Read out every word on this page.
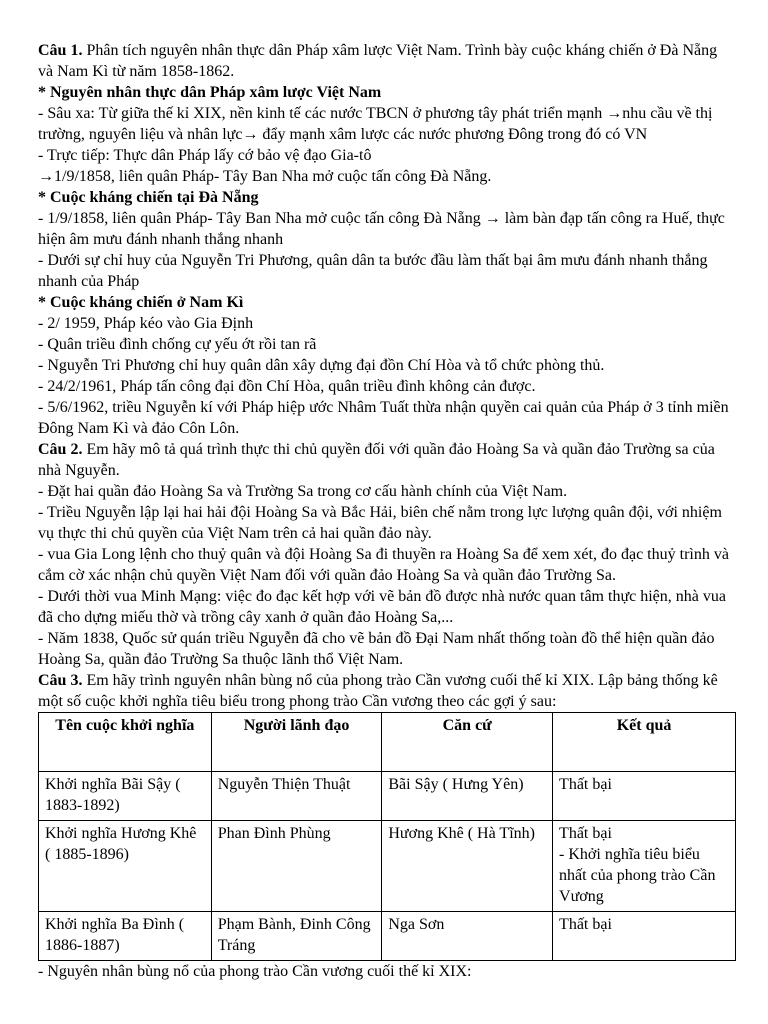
Câu 1. Phân tích nguyên nhân thực dân Pháp xâm lược Việt Nam. Trình bày cuộc kháng chiến ở Đà Nẵng và Nam Kì từ năm 1858-1862.

* Nguyên nhân thực dân Pháp xâm lược Việt Nam

- Sâu xa: Từ giữa thế kỉ XIX, nền kinh tế các nước TBCN ở phương tây phát triển mạnh →nhu cầu về thị trường, nguyên liệu và nhân lực→ đẩy mạnh xâm lược các nước phương Đông trong đó có VN

- Trực tiếp: Thực dân Pháp lấy cớ bảo vệ đạo Gia-tô

→1/9/1858, liên quân Pháp- Tây Ban Nha mở cuộc tấn công Đà Nẵng.

* Cuộc kháng chiến tại Đà Nẵng

- 1/9/1858, liên quân Pháp- Tây Ban Nha mở cuộc tấn công Đà Nẵng → làm bàn đạp tấn công ra Huế, thực hiện âm mưu đánh nhanh thắng nhanh

- Dưới sự chỉ huy của Nguyễn Tri Phương, quân dân ta bước đầu làm thất bại âm mưu đánh nhanh thắng nhanh của Pháp

* Cuộc kháng chiến ở Nam Kì

- 2/ 1959, Pháp kéo vào Gia Định

- Quân triều đình chống cự yếu ớt rồi tan rã

- Nguyễn Tri Phương chỉ huy quân dân xây dựng đại đồn Chí Hòa và tổ chức phòng thủ.

- 24/2/1961, Pháp tấn công đại đồn Chí Hòa, quân triều đình không cản được.

- 5/6/1962, triều Nguyễn kí với Pháp hiệp ước Nhâm Tuất thừa nhận quyền cai quản của Pháp ở 3 tỉnh miền Đông Nam Kì và đảo Côn Lôn.

Câu 2. Em hãy mô tả quá trình thực thi chủ quyền đối với quần đảo Hoàng Sa và quần đảo Trường sa của nhà Nguyễn.

- Đặt hai quần đảo Hoàng Sa và Trường Sa trong cơ cấu hành chính của Việt Nam.

- Triều Nguyễn lập lại hai hải đội Hoàng Sa và Bắc Hải, biên chế nằm trong lực lượng quân đội, với nhiệm vụ thực thi chủ quyền của Việt Nam trên cả hai quần đảo này.

- vua Gia Long lệnh cho thuỷ quân và đội Hoàng Sa đi thuyền ra Hoàng Sa để xem xét, đo đạc thuỷ trình và cắm cờ xác nhận chủ quyền Việt Nam đối với quần đảo Hoàng Sa và quần đảo Trường Sa.

- Dưới thời vua Minh Mạng: việc đo đạc kết hợp với vẽ bản đồ được nhà nước quan tâm thực hiện, nhà vua đã cho dựng miếu thờ và trồng cây xanh ở quần đảo Hoàng Sa,...

- Năm 1838, Quốc sử quán triều Nguyễn đã cho vẽ bản đồ Đại Nam nhất thống toàn đồ thể hiện quần đảo Hoàng Sa, quần đảo Trường Sa thuộc lãnh thổ Việt Nam.

Câu 3. Em hãy trình nguyên nhân bùng nổ của phong trào Cần vương cuối thế kỉ XIX. Lập bảng thống kê một số cuộc khởi nghĩa tiêu biểu trong phong trào Cần vương theo các gợi ý sau:

Tên cuộc khởi nghĩa	Người lãnh đạo	Căn cứ	Kết quả
Khởi nghĩa Bãi Sậy ( 1883-1892)	Nguyễn Thiện Thuật	Bãi Sậy ( Hưng Yên)	Thất bại
Khởi nghĩa Hương Khê ( 1885-1896)	Phan Đình Phùng	Hương Khê ( Hà Tĩnh)	Thất bại
- Khởi nghĩa tiêu biểu nhất của phong trào Cần Vương

Khởi nghĩa Ba Đình ( 1886-1887)	Phạm Bành, Đinh Công Tráng	Nga Sơn	Thất bại

- Nguyên nhân bùng nổ của phong trào Cần vương cuối thế kỉ XIX:
